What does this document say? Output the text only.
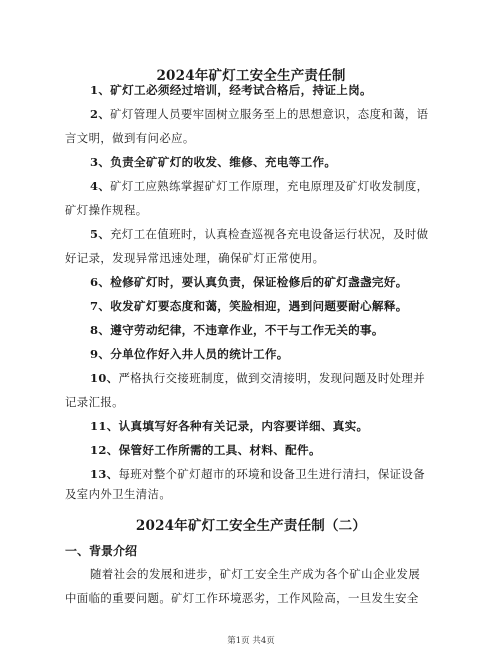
2024年矿灯工安全生产责任制
1、矿灯工必须经过培训，经考试合格后，持证上岗。
2、矿灯管理人员要牢固树立服务至上的思想意识，态度和蔼，语
言文明，做到有问必应。
3、负责全矿矿灯的收发、维修、充电等工作。
4、矿灯工应熟练掌握矿灯工作原理，充电原理及矿灯收发制度，
矿灯操作规程。
5、充灯工在值班时，认真检查巡视各充电设备运行状况，及时做
好记录，发现异常迅速处理，确保矿灯正常使用。
6、检修矿灯时，要认真负责，保证检修后的矿灯盏盏完好。
7、收发矿灯要态度和蔼，笑脸相迎，遇到问题要耐心解释。
8、遵守劳动纪律，不违章作业，不干与工作无关的事。
9、分单位作好入井人员的统计工作。
10、严格执行交接班制度，做到交清接明，发现问题及时处理并
记录汇报。
11、认真填写好各种有关记录，内容要详细、真实。
12、保管好工作所需的工具、材料、配件。
13、每班对整个矿灯超市的环境和设备卫生进行清扫，保证设备
及室内外卫生清洁。
2024年矿灯工安全生产责任制（二）
一、背景介绍
随着社会的发展和进步，矿灯工安全生产成为各个矿山企业发展
中面临的重要问题。矿灯工作环境恶劣，工作风险高，一旦发生安全
第1页 共4页
